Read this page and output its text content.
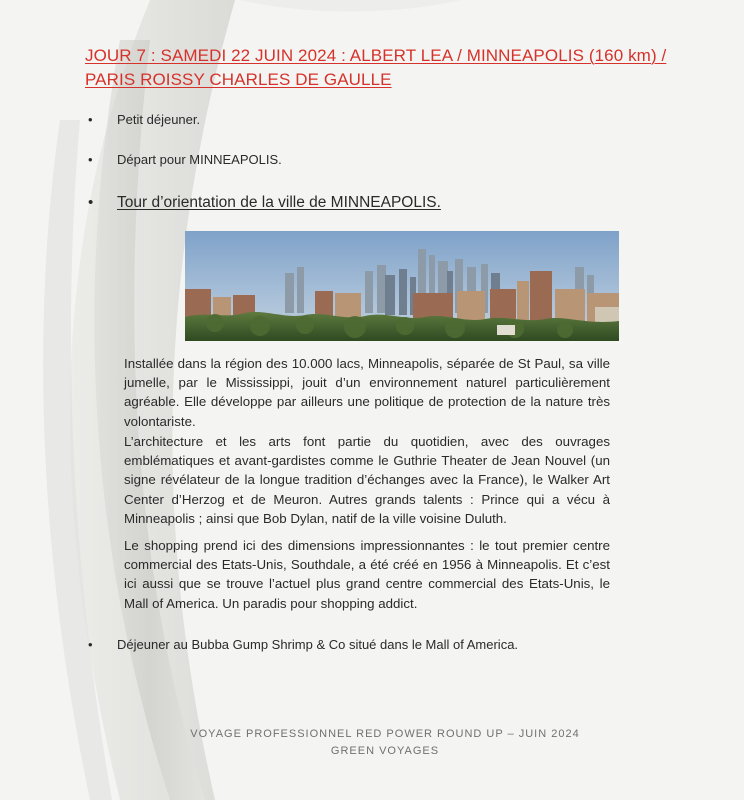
JOUR 7 : SAMEDI 22 JUIN 2024 : ALBERT LEA / MINNEAPOLIS (160 km) /
PARIS ROISSY CHARLES DE GAULLE
• Petit déjeuner.
• Départ pour MINNEAPOLIS.
• Tour d’orientation de la ville de MINNEAPOLIS.

Installée dans la région des 10.000 lacs, Minneapolis, séparée de St Paul, sa ville jumelle, par le Mississippi, jouit d’un environnement naturel particulièrement agréable. Elle développe par ailleurs une politique de protection de la nature très volontariste.

L’architecture et les arts font partie du quotidien, avec des ouvrages emblématiques et avant-gardistes comme le Guthrie Theater de Jean Nouvel (un signe révélateur de la longue tradition d’échanges avec la France), le Walker Art Center d’Herzog et de Meuron. Autres grands talents : Prince qui a vécu à Minneapolis ; ainsi que Bob Dylan, natif de la ville voisine Duluth.

Le shopping prend ici des dimensions impressionnantes : le tout premier centre commercial des Etats-Unis, Southdale, a été créé en 1956 à Minneapolis. Et c’est ici aussi que se trouve l’actuel plus grand centre commercial des Etats-Unis, le Mall of America. Un paradis pour shopping addict.

• Déjeuner au Bubba Gump Shrimp & Co situé dans le Mall of America.
VOYAGE PROFESSIONNEL RED POWER ROUND UP – JUIN 2024
GREEN VOYAGES
